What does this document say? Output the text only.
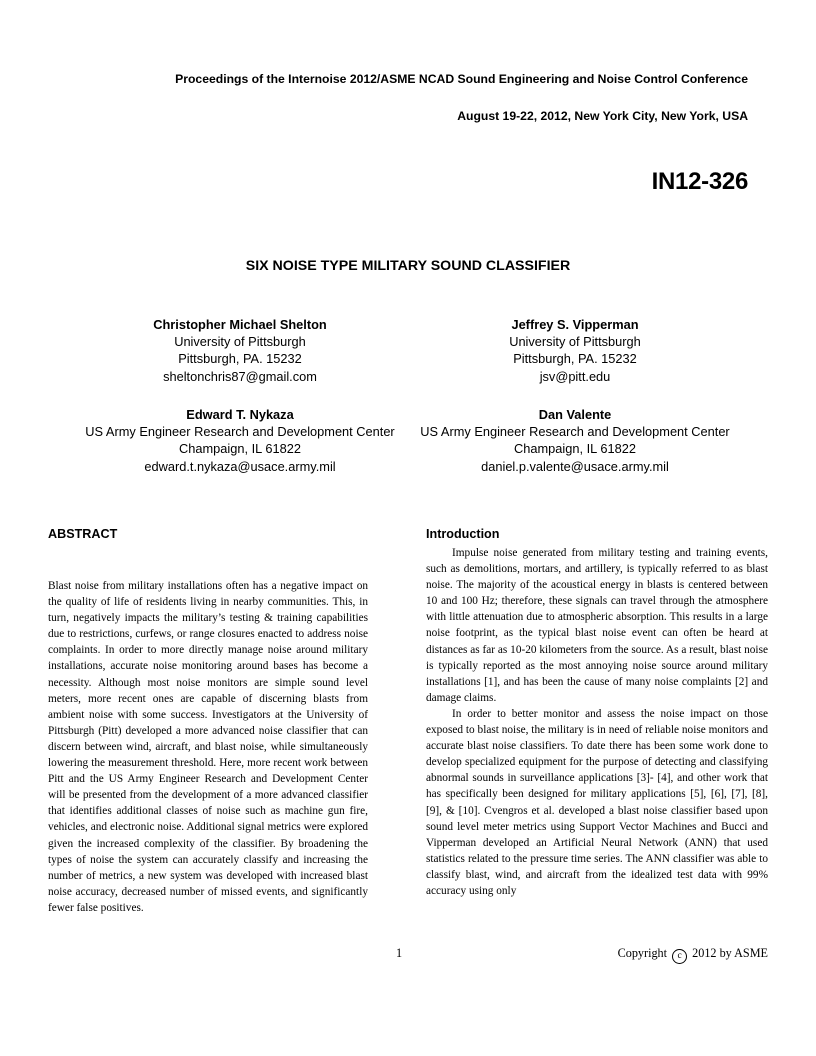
Proceedings of the Internoise 2012/ASME NCAD Sound Engineering and Noise Control Conference
August 19-22, 2012, New York City, New York, USA
IN12-326
SIX NOISE TYPE MILITARY SOUND CLASSIFIER
Christopher Michael Shelton
University of Pittsburgh
Pittsburgh, PA. 15232
sheltonchris87@gmail.com
Jeffrey S. Vipperman
University of Pittsburgh
Pittsburgh, PA. 15232
jsv@pitt.edu
Edward T. Nykaza
US Army Engineer Research and Development Center
Champaign, IL 61822
edward.t.nykaza@usace.army.mil
Dan Valente
US Army Engineer Research and Development Center
Champaign, IL 61822
daniel.p.valente@usace.army.mil
ABSTRACT

Blast noise from military installations often has a negative impact on the quality of life of residents living in nearby communities. This, in turn, negatively impacts the military’s testing & training capabilities due to restrictions, curfews, or range closures enacted to address noise complaints. In order to more directly manage noise around military installations, accurate noise monitoring around bases has become a necessity. Although most noise monitors are simple sound level meters, more recent ones are capable of discerning blasts from ambient noise with some success. Investigators at the University of Pittsburgh (Pitt) developed a more advanced noise classifier that can discern between wind, aircraft, and blast noise, while simultaneously lowering the measurement threshold. Here, more recent work between Pitt and the US Army Engineer Research and Development Center will be presented from the development of a more advanced classifier that identifies additional classes of noise such as machine gun fire, vehicles, and electronic noise. Additional signal metrics were explored given the increased complexity of the classifier. By broadening the types of noise the system can accurately classify and increasing the number of metrics, a new system was developed with increased blast noise accuracy, decreased number of missed events, and significantly fewer false positives.

Introduction

Impulse noise generated from military testing and training events, such as demolitions, mortars, and artillery, is typically referred to as blast noise. The majority of the acoustical energy in blasts is centered between 10 and 100 Hz; therefore, these signals can travel through the atmosphere with little attenuation due to atmospheric absorption. This results in a large noise footprint, as the typical blast noise event can often be heard at distances as far as 10-20 kilometers from the source. As a result, blast noise is typically reported as the most annoying noise source around military installations [1], and has been the cause of many noise complaints [2] and damage claims.

In order to better monitor and assess the noise impact on those exposed to blast noise, the military is in need of reliable noise monitors and accurate blast noise classifiers. To date there has been some work done to develop specialized equipment for the purpose of detecting and classifying abnormal sounds in surveillance applications [3]- [4], and other work that has specifically been designed for military applications [5], [6], [7], [8], [9], & [10]. Cvengros et al. developed a blast noise classifier based upon sound level meter metrics using Support Vector Machines and Bucci and Vipperman developed an Artificial Neural Network (ANN) that used statistics related to the pressure time series. The ANN classifier was able to classify blast, wind, and aircraft from the idealized test data with 99% accuracy using only

1	Copyright c 2012 by ASME
